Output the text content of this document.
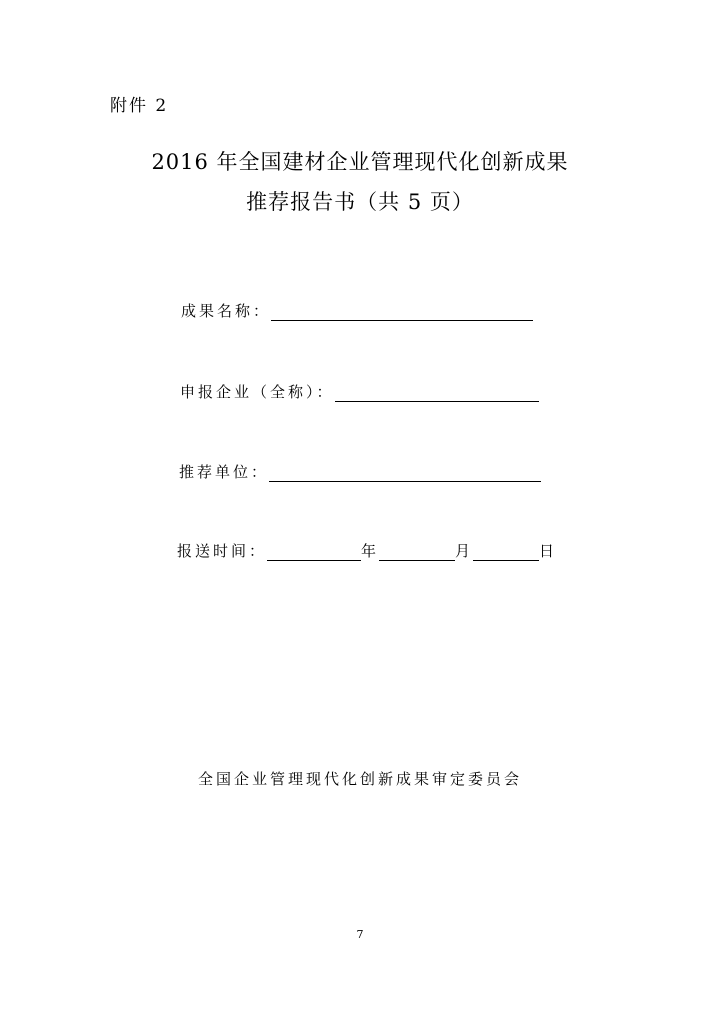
附件 2
2016 年全国建材企业管理现代化创新成果
推荐报告书（共 5 页）
成果名称：
申报企业（全称）：
推荐单位：
报送时间：	年	月	日
全国企业管理现代化创新成果审定委员会
7
